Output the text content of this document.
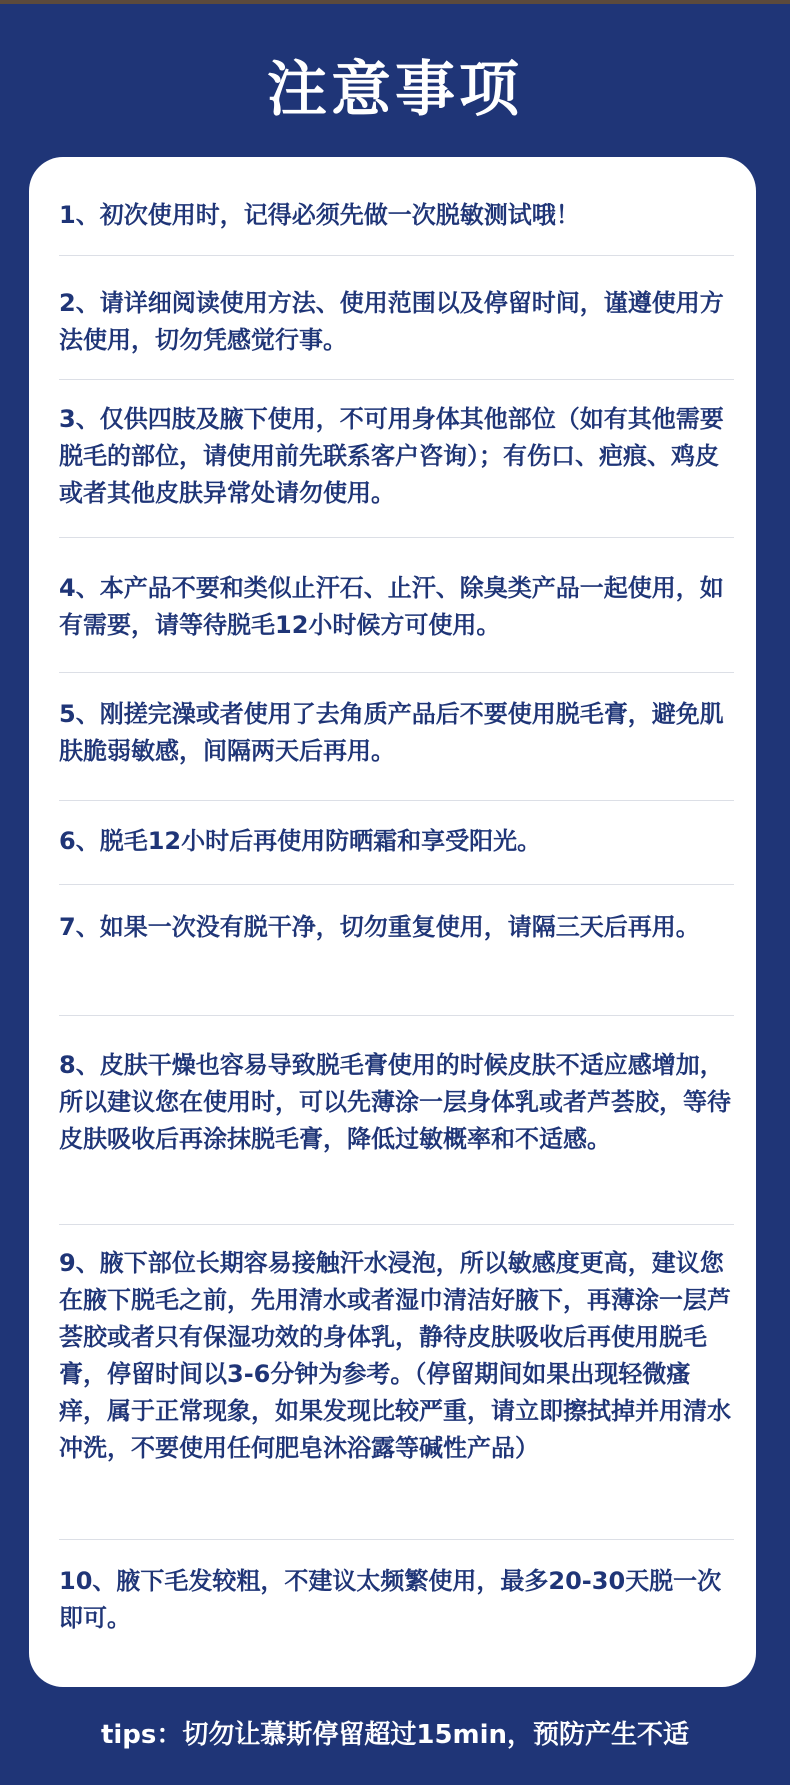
注意事项
1、初次使用时，记得必须先做一次脱敏测试哦！
2、请详细阅读使用方法、使用范围以及停留时间，谨遵使用方法使用，切勿凭感觉行事。
3、仅供四肢及腋下使用，不可用身体其他部位（如有其他需要脱毛的部位，请使用前先联系客户咨询）；有伤口、疤痕、鸡皮或者其他皮肤异常处请勿使用。
4、本产品不要和类似止汗石、止汗、除臭类产品一起使用，如有需要，请等待脱毛12小时候方可使用。
5、刚搓完澡或者使用了去角质产品后不要使用脱毛膏，避免肌肤脆弱敏感，间隔两天后再用。
6、脱毛12小时后再使用防晒霜和享受阳光。
7、如果一次没有脱干净，切勿重复使用，请隔三天后再用。
8、皮肤干燥也容易导致脱毛膏使用的时候皮肤不适应感增加，所以建议您在使用时，可以先薄涂一层身体乳或者芦荟胶，等待皮肤吸收后再涂抹脱毛膏，降低过敏概率和不适感。
9、腋下部位长期容易接触汗水浸泡，所以敏感度更高，建议您在腋下脱毛之前，先用清水或者湿巾清洁好腋下，再薄涂一层芦荟胶或者只有保湿功效的身体乳，静待皮肤吸收后再使用脱毛膏，停留时间以3-6分钟为参考。（停留期间如果出现轻微瘙痒，属于正常现象，如果发现比较严重，请立即擦拭掉并用清水冲洗，不要使用任何肥皂沐浴露等碱性产品）
10、腋下毛发较粗，不建议太频繁使用，最多20-30天脱一次即可。
tips：切勿让慕斯停留超过15min，预防产生不适
